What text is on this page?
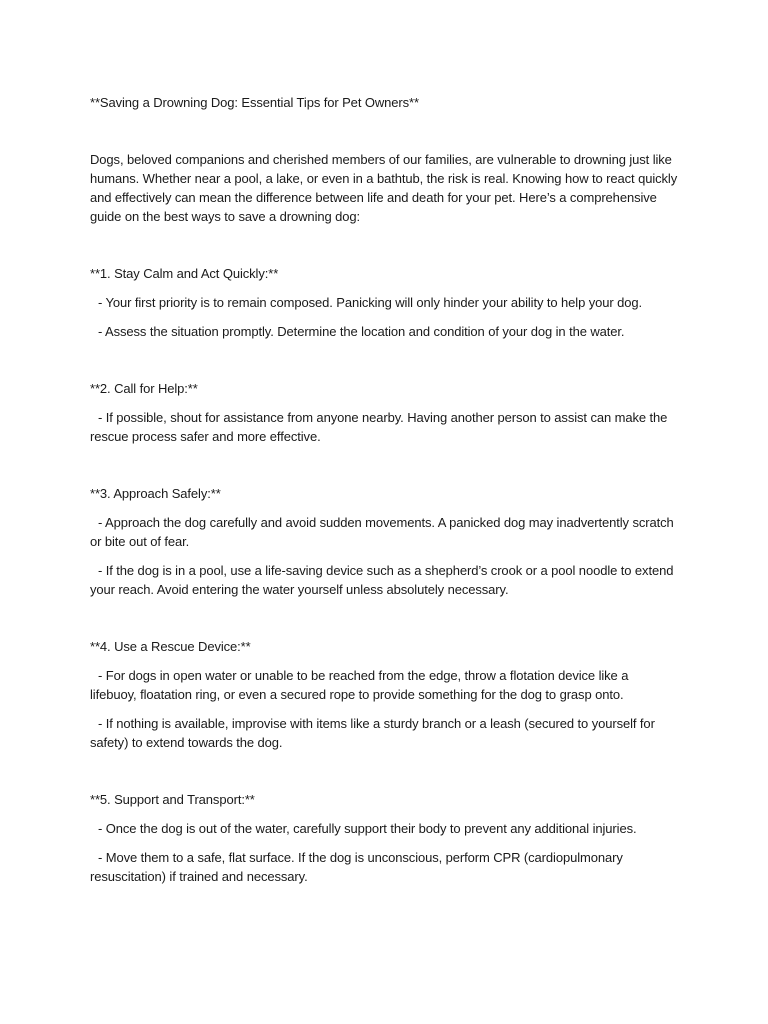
**Saving a Drowning Dog: Essential Tips for Pet Owners**

Dogs, beloved companions and cherished members of our families, are vulnerable to drowning just like humans. Whether near a pool, a lake, or even in a bathtub, the risk is real. Knowing how to react quickly and effectively can mean the difference between life and death for your pet. Here’s a comprehensive guide on the best ways to save a drowning dog:

**1. Stay Calm and Act Quickly:**

- Your first priority is to remain composed. Panicking will only hinder your ability to help your dog.

- Assess the situation promptly. Determine the location and condition of your dog in the water.

**2. Call for Help:**

- If possible, shout for assistance from anyone nearby. Having another person to assist can make the rescue process safer and more effective.

**3. Approach Safely:**

- Approach the dog carefully and avoid sudden movements. A panicked dog may inadvertently scratch or bite out of fear.

- If the dog is in a pool, use a life-saving device such as a shepherd’s crook or a pool noodle to extend your reach. Avoid entering the water yourself unless absolutely necessary.

**4. Use a Rescue Device:**

- For dogs in open water or unable to be reached from the edge, throw a flotation device like a lifebuoy, floatation ring, or even a secured rope to provide something for the dog to grasp onto.

- If nothing is available, improvise with items like a sturdy branch or a leash (secured to yourself for safety) to extend towards the dog.

**5. Support and Transport:**

- Once the dog is out of the water, carefully support their body to prevent any additional injuries.

- Move them to a safe, flat surface. If the dog is unconscious, perform CPR (cardiopulmonary resuscitation) if trained and necessary.
